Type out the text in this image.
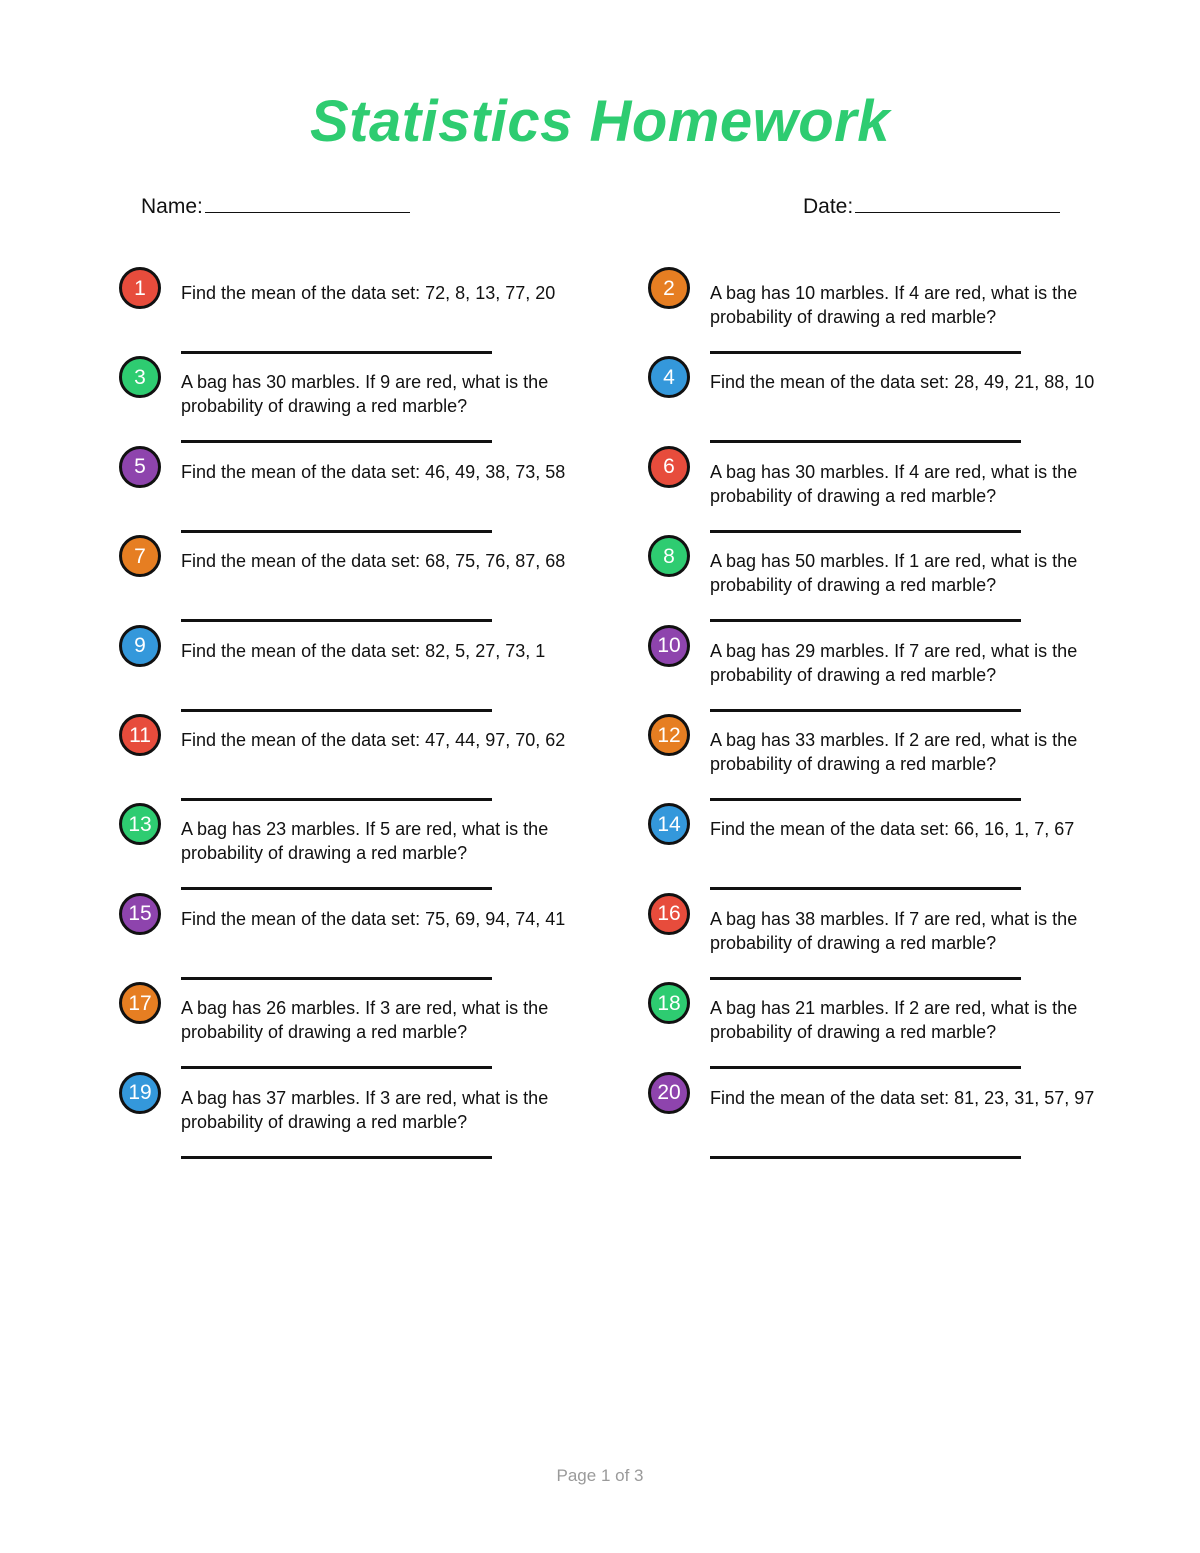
Statistics Homework
Name:	Date:
1	Find the mean of the data set: 72, 8, 13, 77, 20	2	A bag has 10 marbles. If 4 are red, what is the probability of drawing a red marble?
3	A bag has 30 marbles. If 9 are red, what is the probability of drawing a red marble?
4	Find the mean of the data set: 28, 49, 21, 88, 10
5	Find the mean of the data set: 46, 49, 38, 73, 58	6	A bag has 30 marbles. If 4 are red, what is the probability of drawing a red marble?
7	Find the mean of the data set: 68, 75, 76, 87, 68	8	A bag has 50 marbles. If 1 are red, what is the probability of drawing a red marble?
9	Find the mean of the data set: 82, 5, 27, 73, 1	10	A bag has 29 marbles. If 7 are red, what is the probability of drawing a red marble?
11	Find the mean of the data set: 47, 44, 97, 70, 62	12	A bag has 33 marbles. If 2 are red, what is the probability of drawing a red marble?
13	A bag has 23 marbles. If 5 are red, what is the probability of drawing a red marble?
14	Find the mean of the data set: 66, 16, 1, 7, 67
15	Find the mean of the data set: 75, 69, 94, 74, 41	16	A bag has 38 marbles. If 7 are red, what is the probability of drawing a red marble?
17	A bag has 26 marbles. If 3 are red, what is the probability of drawing a red marble?
18	A bag has 21 marbles. If 2 are red, what is the probability of drawing a red marble?
19	A bag has 37 marbles. If 3 are red, what is the probability of drawing a red marble?
20	Find the mean of the data set: 81, 23, 31, 57, 97
Page 1 of 3
